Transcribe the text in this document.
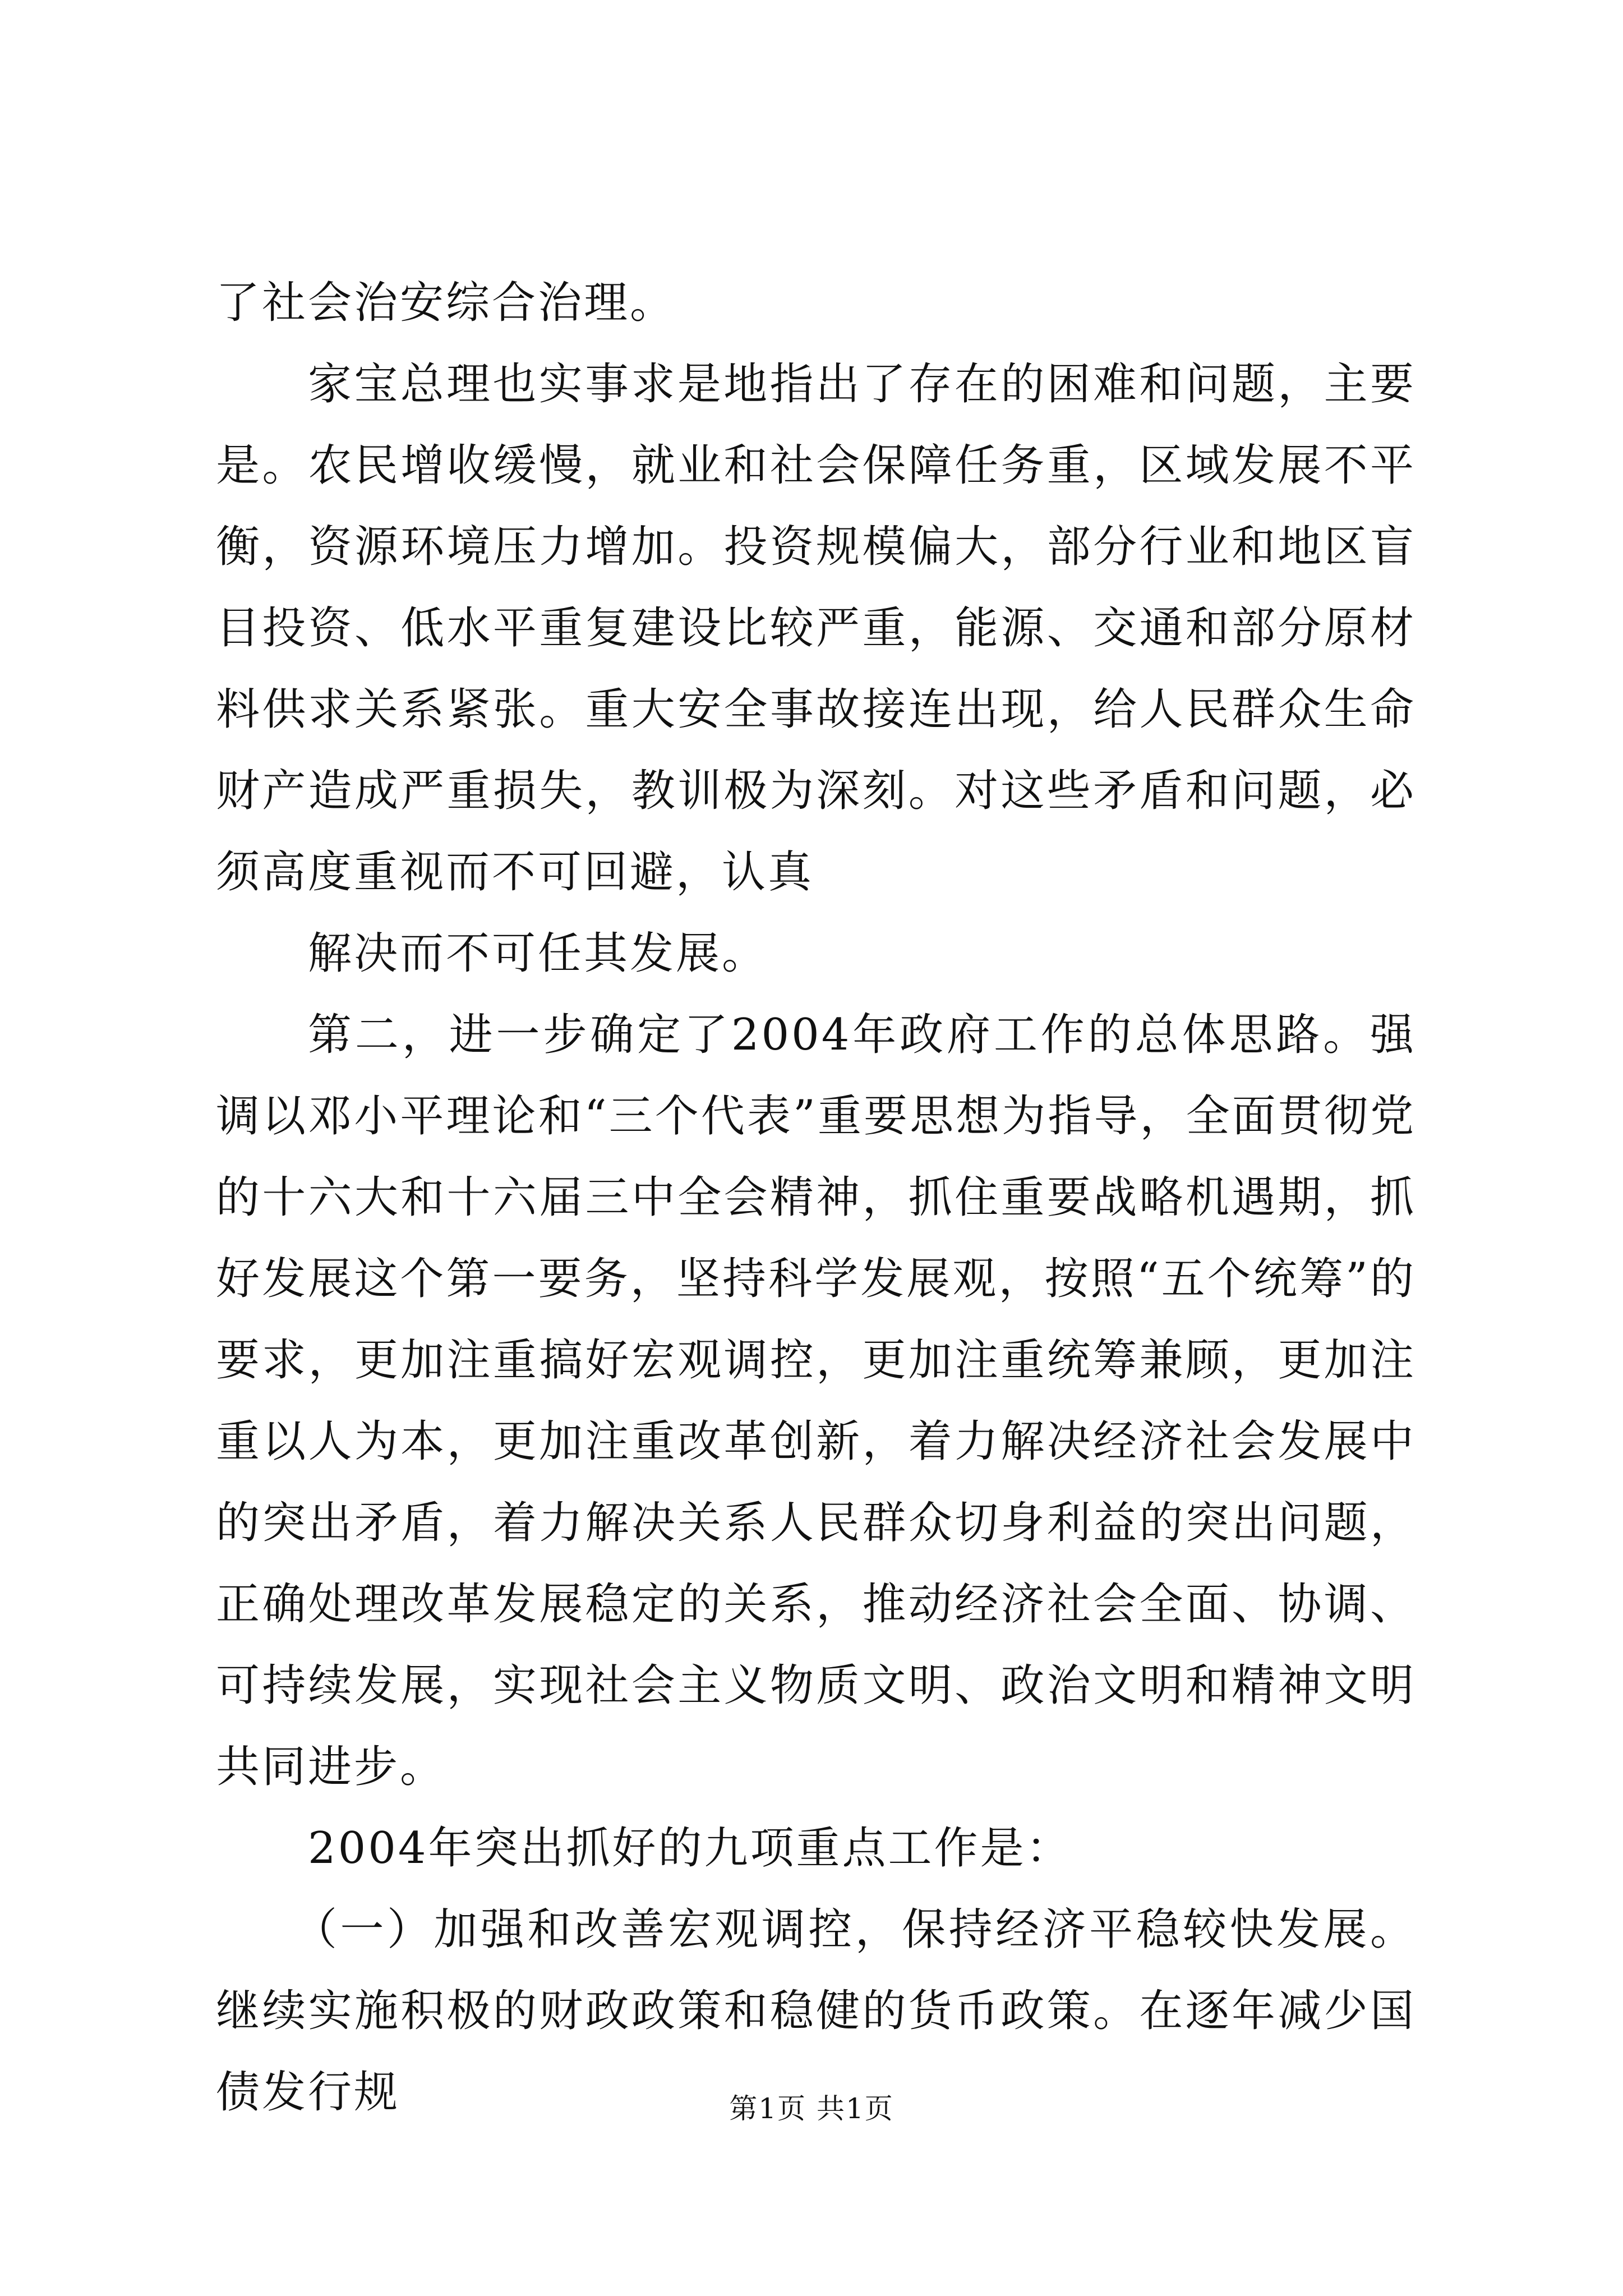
了社会治安综合治理。

家宝总理也实事求是地指出了存在的困难和问题，主要是。农民增收缓慢，就业和社会保障任务重，区域发展不平衡，资源环境压力增加。投资规模偏大，部分行业和地区盲目投资、低水平重复建设比较严重，能源、交通和部分原材料供求关系紧张。重大安全事故接连出现，给人民群众生命财产造成严重损失，教训极为深刻。对这些矛盾和问题，必须高度重视而不可回避，认真

解决而不可任其发展。

第二，进一步确定了2004年政府工作的总体思路。强调以邓小平理论和“三个代表”重要思想为指导，全面贯彻党的十六大和十六届三中全会精神，抓住重要战略机遇期，抓好发展这个第一要务，坚持科学发展观，按照“五个统筹”的要求，更加注重搞好宏观调控，更加注重统筹兼顾，更加注重以人为本，更加注重改革创新，着力解决经济社会发展中的突出矛盾，着力解决关系人民群众切身利益的突出问题，正确处理改革发展稳定的关系，推动经济社会全面、协调、可持续发展，实现社会主义物质文明、政治文明和精神文明共同进步。

2004年突出抓好的九项重点工作是：

（一）加强和改善宏观调控，保持经济平稳较快发展。继续实施积极的财政政策和稳健的货币政策。在逐年减少国债发行规	第1页 共1页
